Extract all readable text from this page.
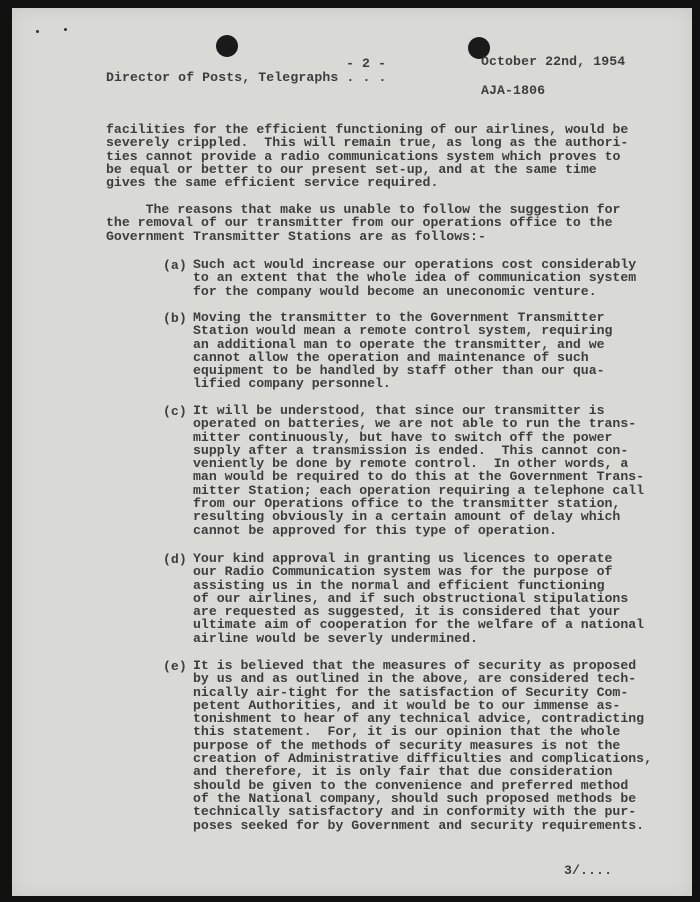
- 2 -	October 22nd, 1954
Director of Posts, Telegraphs . . .
AJA-1806
facilities for the efficient functioning of our airlines, would be
severely crippled.  This will remain true, as long as the authori-
ties cannot provide a radio communications system which proves to
be equal or better to our present set-up, and at the same time
gives the same efficient service required.
The reasons that make us unable to follow the suggestion for
the removal of our transmitter from our operations office to the
Government Transmitter Stations are as follows:-
(a) Such act would increase our operations cost considerably
to an extent that the whole idea of communication system
for the company would become an uneconomic venture.
(b) Moving the transmitter to the Government Transmitter
Station would mean a remote control system, requiring
an additional man to operate the transmitter, and we
cannot allow the operation and maintenance of such
equipment to be handled by staff other than our qua-
lified company personnel.
(c) It will be understood, that since our transmitter is
operated on batteries, we are not able to run the trans-
mitter continuously, but have to switch off the power
supply after a transmission is ended.  This cannot con-
veniently be done by remote control.  In other words, a
man would be required to do this at the Government Trans-
mitter Station; each operation requiring a telephone call
from our Operations office to the transmitter station,
resulting obviously in a certain amount of delay which
cannot be approved for this type of operation.
(d) Your kind approval in granting us licences to operate
our Radio Communication system was for the purpose of
assisting us in the normal and efficient functioning
of our airlines, and if such obstructional stipulations
are requested as suggested, it is considered that your
ultimate aim of cooperation for the welfare of a national
airline would be severly undermined.
(e) It is believed that the measures of security as proposed
by us and as outlined in the above, are considered tech-
nically air-tight for the satisfaction of Security Com-
petent Authorities, and it would be to our immense as-
tonishment to hear of any technical advice, contradicting
this statement.  For, it is our opinion that the whole
purpose of the methods of security measures is not the
creation of Administrative difficulties and complications,
and therefore, it is only fair that due consideration
should be given to the convenience and preferred method
of the National company, should such proposed methods be
technically satisfactory and in conformity with the pur-
poses seeked for by Government and security requirements.
3/....
